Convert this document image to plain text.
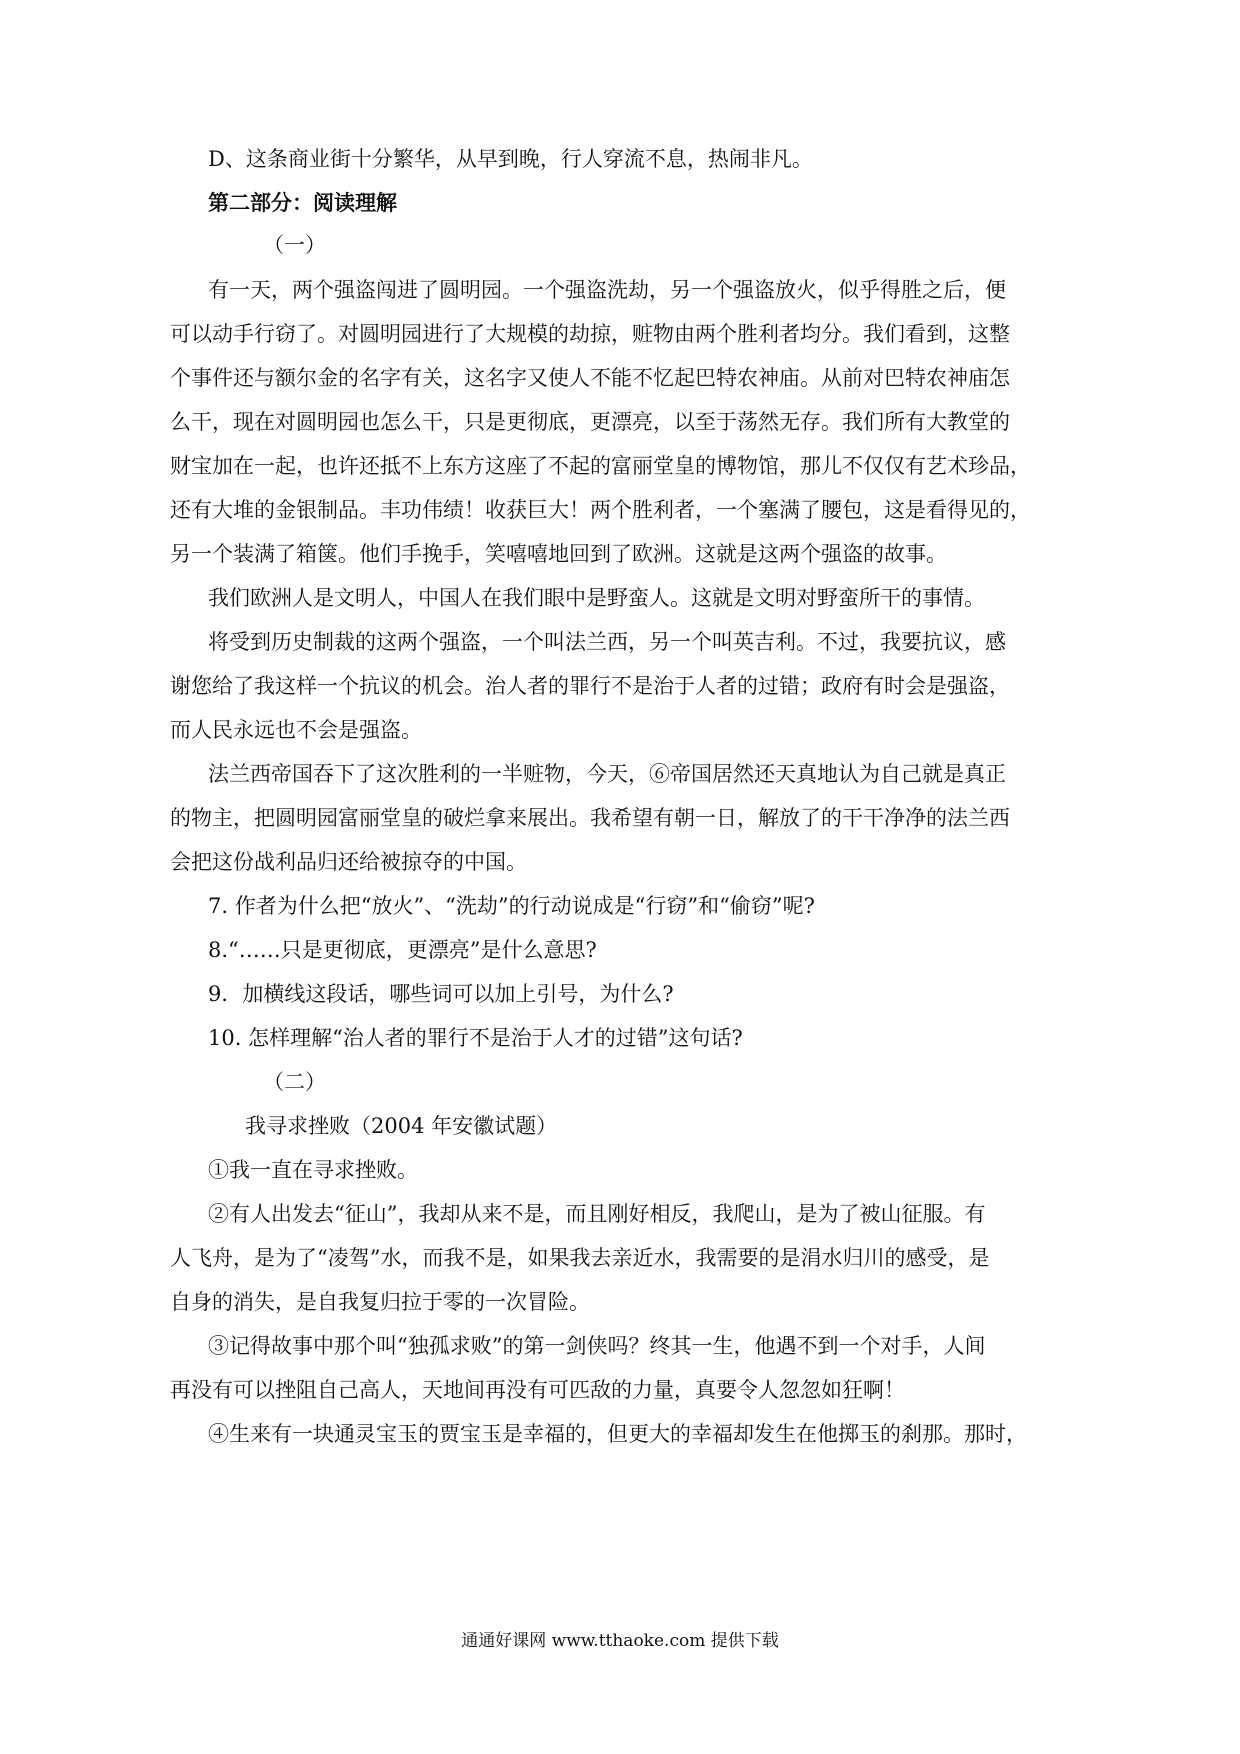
D、这条商业街十分繁华，从早到晚，行人穿流不息，热闹非凡。
第二部分：阅读理解
（一）
有一天，两个强盗闯进了圆明园。一个强盗洗劫，另一个强盗放火，似乎得胜之后，便
可以动手行窃了。对圆明园进行了大规模的劫掠，赃物由两个胜利者均分。我们看到，这整
个事件还与额尔金的名字有关，这名字又使人不能不忆起巴特农神庙。从前对巴特农神庙怎
么干，现在对圆明园也怎么干，只是更彻底，更漂亮，以至于荡然无存。我们所有大教堂的
财宝加在一起，也许还抵不上东方这座了不起的富丽堂皇的博物馆，那儿不仅仅有艺术珍品，
还有大堆的金银制品。丰功伟绩！收获巨大！两个胜利者，一个塞满了腰包，这是看得见的，
另一个装满了箱箧。他们手挽手，笑嘻嘻地回到了欧洲。这就是这两个强盗的故事。
我们欧洲人是文明人，中国人在我们眼中是野蛮人。这就是文明对野蛮所干的事情。
将受到历史制裁的这两个强盗，一个叫法兰西，另一个叫英吉利。不过，我要抗议，感
谢您给了我这样一个抗议的机会。治人者的罪行不是治于人者的过错；政府有时会是强盗，
而人民永远也不会是强盗。
法兰西帝国吞下了这次胜利的一半赃物，今天，⑥帝国居然还天真地认为自己就是真正
的物主，把圆明园富丽堂皇的破烂拿来展出。我希望有朝一日，解放了的干干净净的法兰西
会把这份战利品归还给被掠夺的中国。
7. 作者为什么把“放火”、“洗劫”的行动说成是“行窃”和“偷窃”呢?
8.“……只是更彻底，更漂亮”是什么意思?
9．加横线这段话，哪些词可以加上引号，为什么?
10. 怎样理解“治人者的罪行不是治于人才的过错”这句话?
（二）
我寻求挫败（2004 年安徽试题）
①我一直在寻求挫败。
②有人出发去“征山”，我却从来不是，而且刚好相反，我爬山，是为了被山征服。有
人飞舟，是为了“凌驾”水，而我不是，如果我去亲近水，我需要的是涓水归川的感受，是
自身的消失，是自我复归拉于零的一次冒险。
③记得故事中那个叫“独孤求败”的第一剑侠吗？终其一生，他遇不到一个对手，人间
再没有可以挫阻自己高人，天地间再没有可匹敌的力量，真要令人忽忽如狂啊！
④生来有一块通灵宝玉的贾宝玉是幸福的，但更大的幸福却发生在他掷玉的刹那。那时，
通通好课网 www.tthaoke.com 提供下载
